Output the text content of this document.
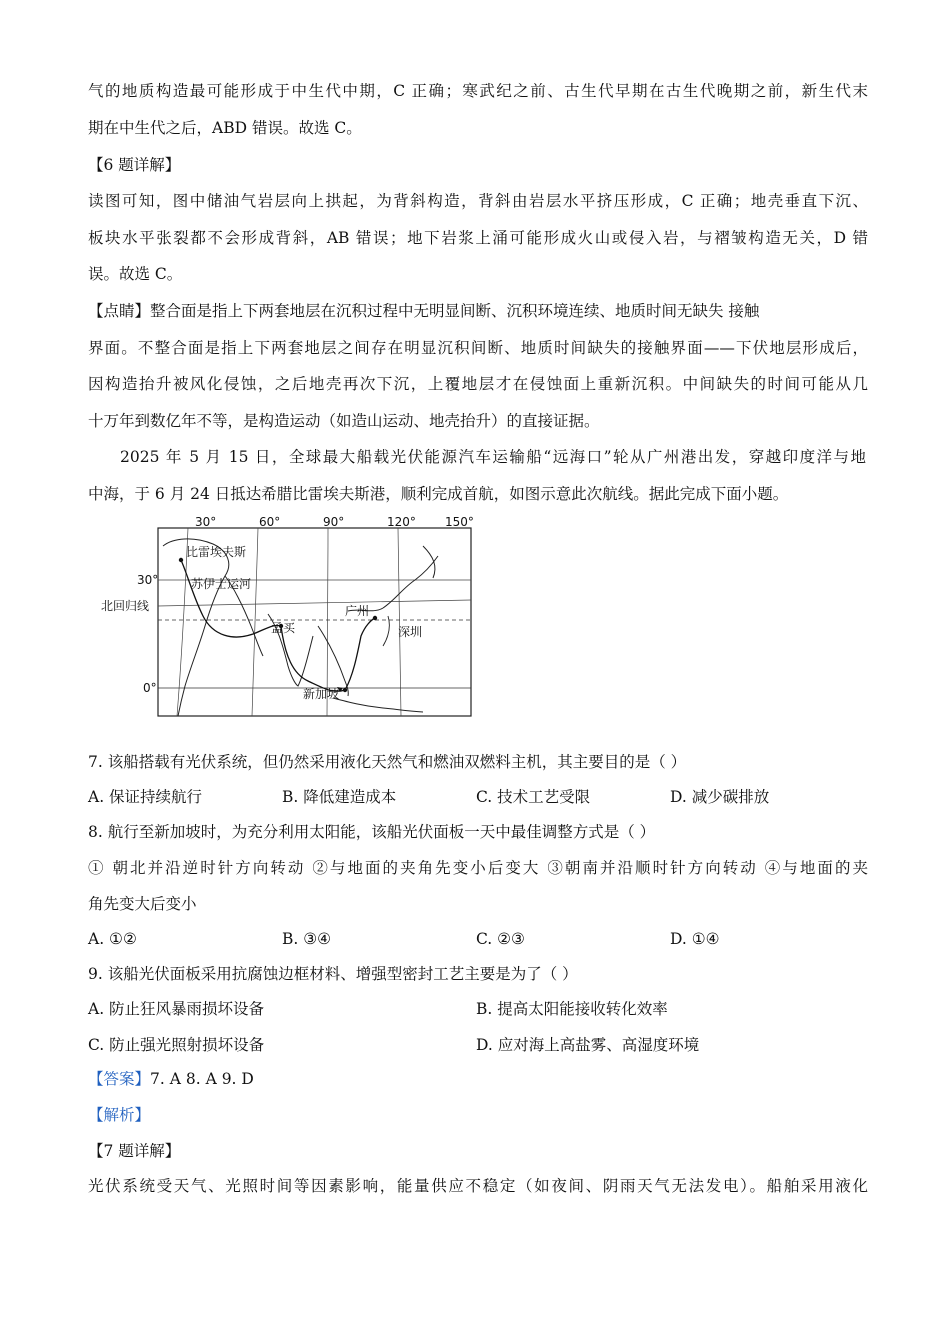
气的地质构造最可能形成于中生代中期，C 正确；寒武纪之前、古生代早期在古生代晚期之前，新生代末
期在中生代之后，ABD 错误。故选 C。
【6 题详解】
读图可知，图中储油气岩层向上拱起，为背斜构造，背斜由岩层水平挤压形成，C 正确；地壳垂直下沉、
板块水平张裂都不会形成背斜，AB 错误；地下岩浆上涌可能形成火山或侵入岩，与褶皱构造无关，D 错
误。故选 C。
【点睛】整合面是指上下两套地层在沉积过程中无明显间断、沉积环境连续、地质时间无缺失 接触
界面。不整合面是指上下两套地层之间存在明显沉积间断、地质时间缺失的接触界面——下伏地层形成后，
因构造抬升被风化侵蚀，之后地壳再次下沉，上覆地层才在侵蚀面上重新沉积。中间缺失的时间可能从几
十万年到数亿年不等，是构造运动（如造山运动、地壳抬升）的直接证据。
2025 年 5 月 15 日，全球最大船载光伏能源汽车运输船“远海口”轮从广州港出发，穿越印度洋与地
中海，于 6 月 24 日抵达希腊比雷埃夫斯港，顺利完成首航，如图示意此次航线。据此完成下面小题。
30°	60°	90°	120° 150°
30°
北回归线
0°
比雷埃夫斯
苏伊士运河
广州
深圳
孟买
新加坡
7. 该船搭载有光伏系统，但仍然采用液化天然气和燃油双燃料主机，其主要目的是（ ）
A. 保证持续航行	B. 降低建造成本	C. 技术工艺受限	D. 减少碳排放
8. 航行至新加坡时，为充分利用太阳能，该船光伏面板一天中最佳调整方式是（ ）
① 朝北并沿逆时针方向转动 ②与地面的夹角先变小后变大 ③朝南并沿顺时针方向转动 ④与地面的夹
角先变大后变小
A. ①②	B. ③④	C. ②③	D. ①④
9. 该船光伏面板采用抗腐蚀边框材料、增强型密封工艺主要是为了（ ）
A. 防止狂风暴雨损坏设备	B. 提高太阳能接收转化效率
C. 防止强光照射损坏设备	D. 应对海上高盐雾、高湿度环境
【答案】7. A 8. A 9. D
【解析】
【7 题详解】
光伏系统受天气、光照时间等因素影响，能量供应不稳定（如夜间、阴雨天气无法发电）。船舶采用液化
